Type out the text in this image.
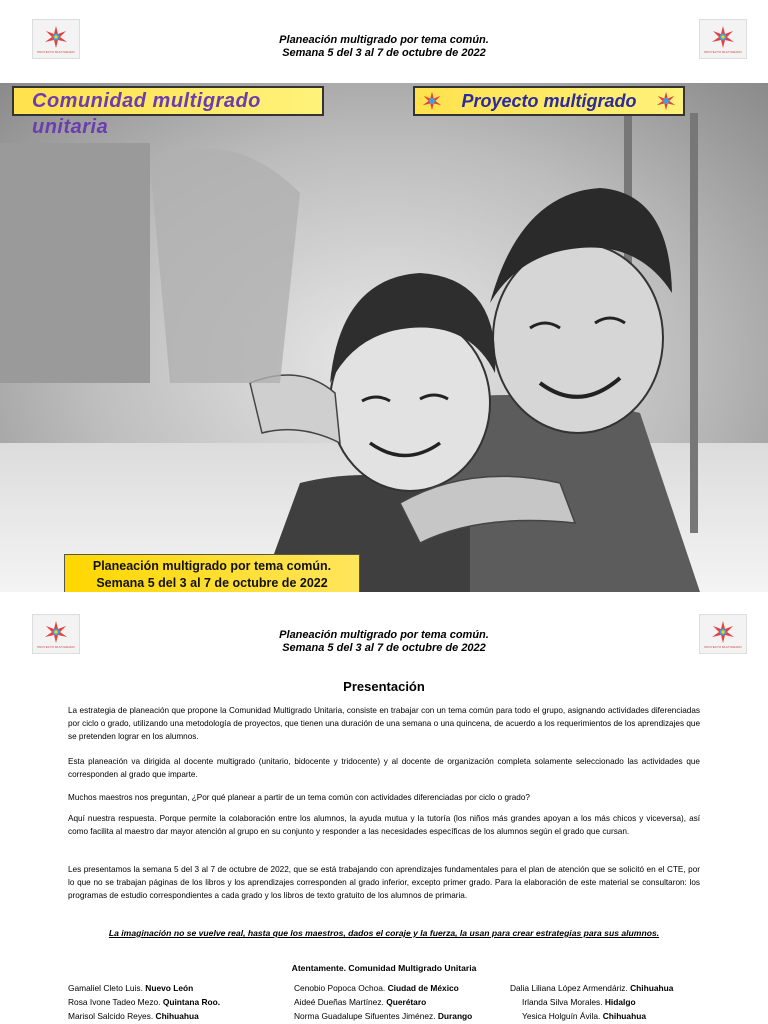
PROYECTO MULTIGRADO	PROYECTO MULTIGRADO
Planeación multigrado por tema común.
Semana 5 del 3 al 7 de octubre de 2022
Comunidad multigrado unitaria
Proyecto multigrado
Planeación multigrado por tema común.
Semana 5 del 3 al 7 de octubre de 2022
PROYECTO MULTIGRADO	PROYECTO MULTIGRADO
Planeación multigrado por tema común.
Semana 5 del 3 al 7 de octubre de 2022
Presentación

La estrategia de planeación que propone la Comunidad Multigrado Unitaria, consiste en trabajar con un tema común para todo el grupo, asignando actividades diferenciadas por ciclo o grado, utilizando una metodología de proyectos, que tienen una duración de una semana o una quincena, de acuerdo a los requerimientos de los aprendizajes que se pretenden lograr en los alumnos.

Esta planeación va dirigida al docente multigrado (unitario, bidocente y tridocente) y al docente de organización completa solamente seleccionado las actividades que corresponden al grado que imparte.

Muchos maestros nos preguntan, ¿Por qué planear a partir de un tema común con actividades diferenciadas por ciclo o grado?

Aquí nuestra respuesta. Porque permite la colaboración entre los alumnos, la ayuda mutua y la tutoría (los niños más grandes apoyan a los más chicos y viceversa), así como facilita al maestro dar mayor atención al grupo en su conjunto y responder a las necesidades específicas de los alumnos según el grado que cursan.

Les presentamos la semana 5 del 3 al 7 de octubre de 2022, que se está trabajando con aprendizajes fundamentales para el plan de atención que se solicitó en el CTE, por lo que no se trabajan páginas de los libros y los aprendizajes corresponden al grado inferior, excepto primer grado. Para la elaboración de este material se consultaron: los programas de estudio correspondientes a cada grado y los libros de texto gratuito de los alumnos de primaria.

La imaginación no se vuelve real, hasta que los maestros, dados el coraje y la fuerza, la usan para crear estrategias para sus alumnos.

Atentamente. Comunidad Multigrado Unitaria
Gamaliel Cleto Luis. Nuevo León	Cenobio Popoca Ochoa. Ciudad de México	Dalia Liliana López Armendáriz. Chihuahua
Rosa Ivone Tadeo Mezo. Quintana Roo.	Aideé Dueñas Martínez. Querétaro	Irlanda Silva Morales. Hidalgo
Marisol Salcido Reyes. Chihuahua	Norma Guadalupe Sifuentes Jiménez. Durango	Yesica Holguín Ávila. Chihuahua
